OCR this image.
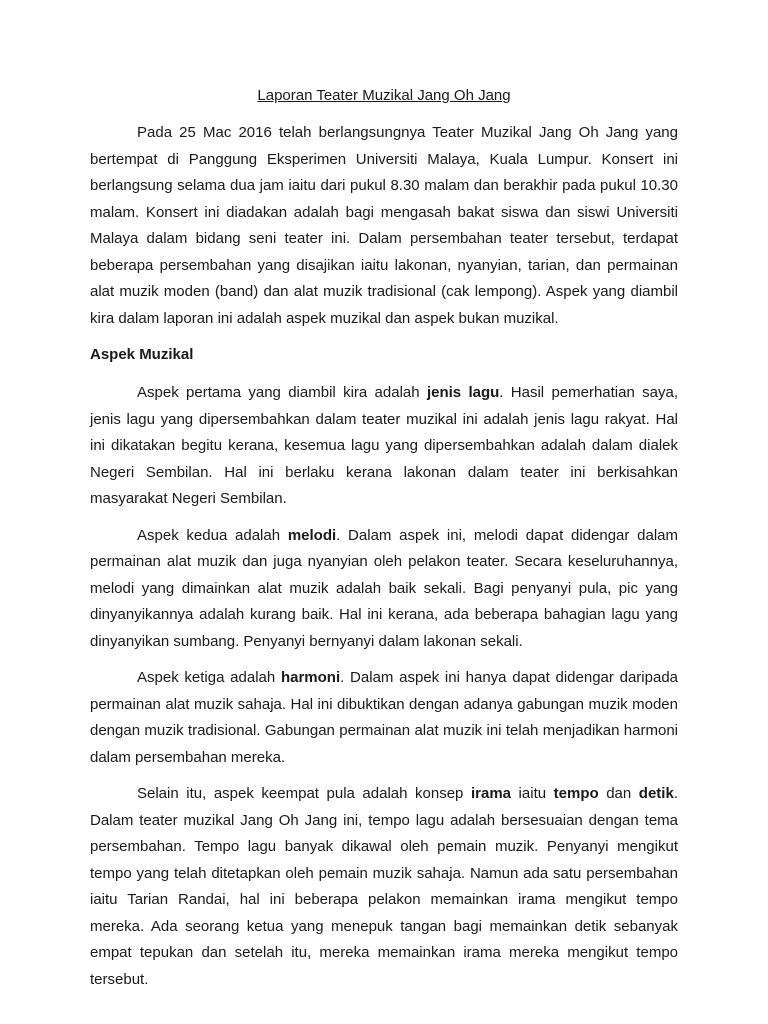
Laporan Teater Muzikal Jang Oh Jang

Pada 25 Mac 2016 telah berlangsungnya Teater Muzikal Jang Oh Jang yang bertempat di Panggung Eksperimen Universiti Malaya, Kuala Lumpur. Konsert ini berlangsung selama dua jam iaitu dari pukul 8.30 malam dan berakhir pada pukul 10.30 malam. Konsert ini diadakan adalah bagi mengasah bakat siswa dan siswi Universiti Malaya dalam bidang seni teater ini. Dalam persembahan teater tersebut, terdapat beberapa persembahan yang disajikan iaitu lakonan, nyanyian, tarian, dan permainan alat muzik moden (band) dan alat muzik tradisional (cak lempong). Aspek yang diambil kira dalam laporan ini adalah aspek muzikal dan aspek bukan muzikal.

Aspek Muzikal

Aspek pertama yang diambil kira adalah jenis lagu. Hasil pemerhatian saya, jenis lagu yang dipersembahkan dalam teater muzikal ini adalah jenis lagu rakyat. Hal ini dikatakan begitu kerana, kesemua lagu yang dipersembahkan adalah dalam dialek Negeri Sembilan. Hal ini berlaku kerana lakonan dalam teater ini berkisahkan masyarakat Negeri Sembilan.

Aspek kedua adalah melodi. Dalam aspek ini, melodi dapat didengar dalam permainan alat muzik dan juga nyanyian oleh pelakon teater. Secara keseluruhannya, melodi yang dimainkan alat muzik adalah baik sekali. Bagi penyanyi pula, pic yang dinyanyikannya adalah kurang baik. Hal ini kerana, ada beberapa bahagian lagu yang dinyanyikan sumbang. Penyanyi bernyanyi dalam lakonan sekali.

Aspek ketiga adalah harmoni. Dalam aspek ini hanya dapat didengar daripada permainan alat muzik sahaja. Hal ini dibuktikan dengan adanya gabungan muzik moden dengan muzik tradisional. Gabungan permainan alat muzik ini telah menjadikan harmoni dalam persembahan mereka.

Selain itu, aspek keempat pula adalah konsep irama iaitu tempo dan detik. Dalam teater muzikal Jang Oh Jang ini, tempo lagu adalah bersesuaian dengan tema persembahan. Tempo lagu banyak dikawal oleh pemain muzik. Penyanyi mengikut tempo yang telah ditetapkan oleh pemain muzik sahaja. Namun ada satu persembahan iaitu Tarian Randai, hal ini beberapa pelakon memainkan irama mengikut tempo mereka. Ada seorang ketua yang menepuk tangan bagi memainkan detik sebanyak empat tepukan dan setelah itu, mereka memainkan irama mereka mengikut tempo tersebut.
